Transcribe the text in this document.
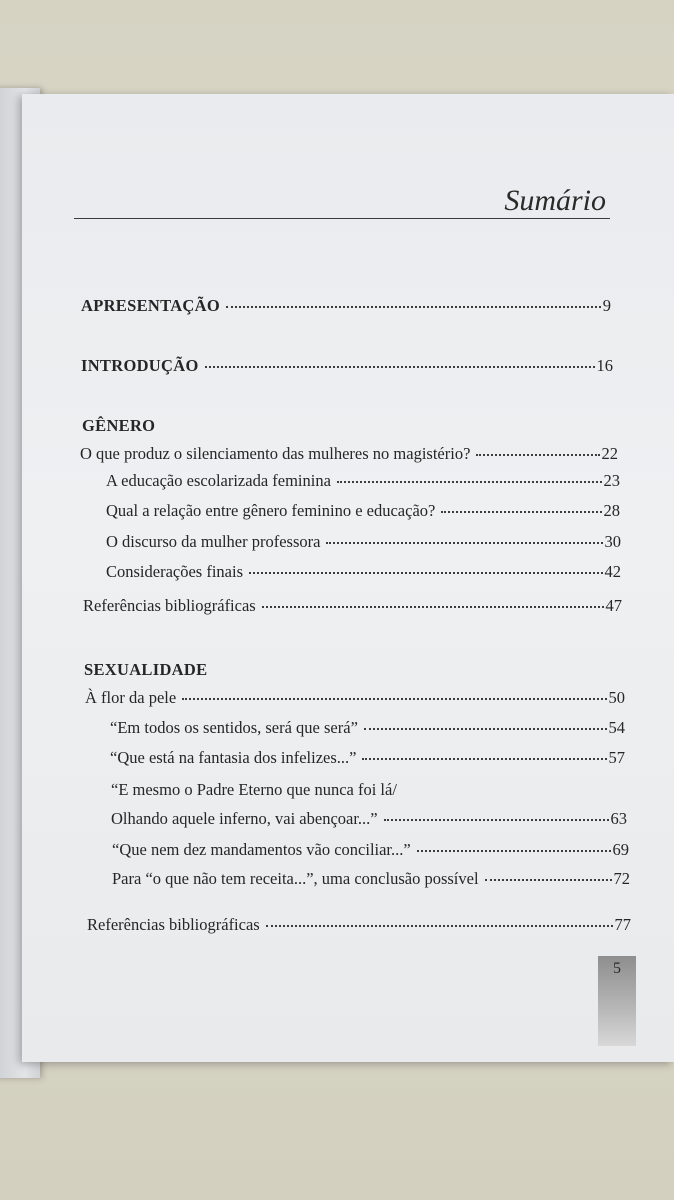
Sumário
APRESENTAÇÃO	9
INTRODUÇÃO	16
GÊNERO
O que produz o silenciamento das mulheres no magistério?	22
A educação escolarizada feminina	23
Qual a relação entre gênero feminino e educação?	28
O discurso da mulher professora	30
Considerações finais	42
Referências bibliográficas	47
SEXUALIDADE
À flor da pele	50
“Em todos os sentidos, será que será”	54
“Que está na fantasia dos infelizes...”	57
“E mesmo o Padre Eterno que nunca foi lá/
Olhando aquele inferno, vai abençoar...”	63
“Que nem dez mandamentos vão conciliar...”	69
Para “o que não tem receita...”, uma conclusão possível	72
Referências bibliográficas	77
5
